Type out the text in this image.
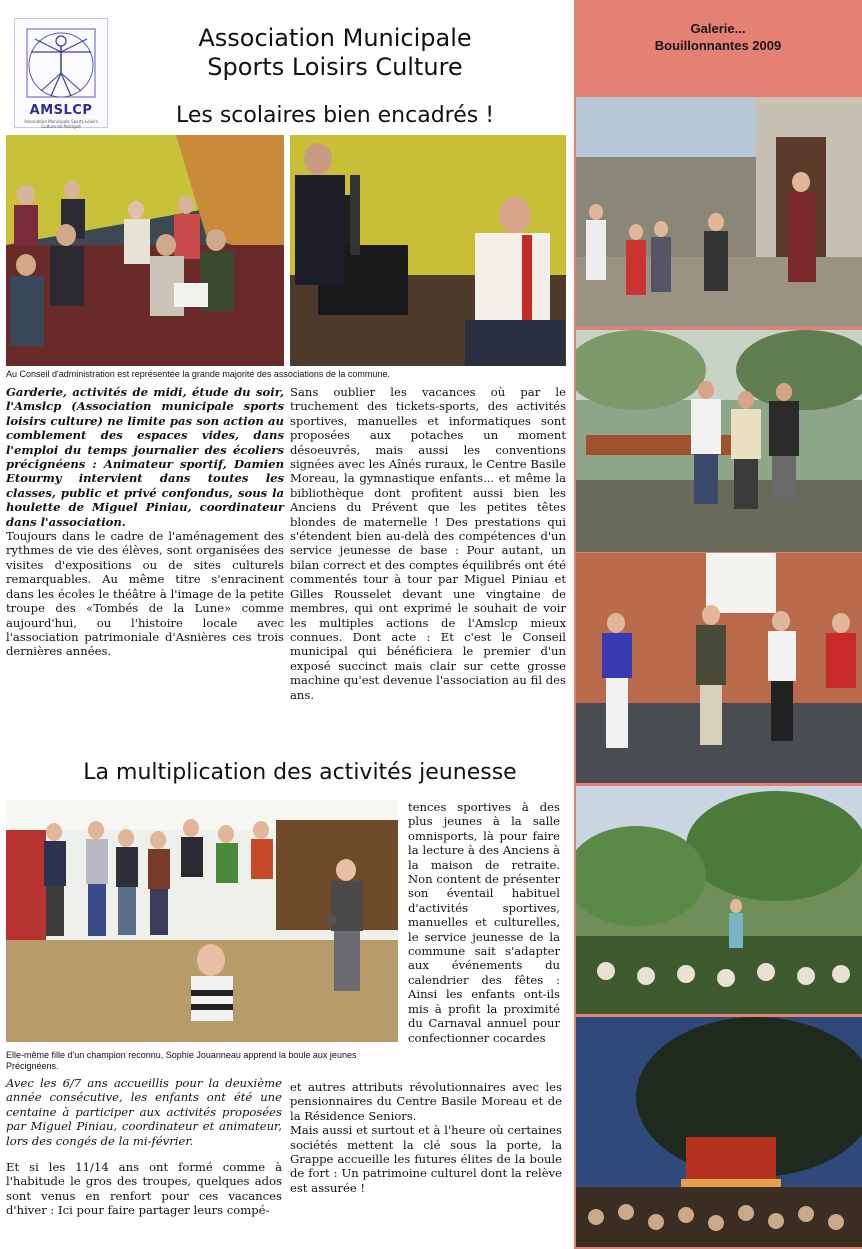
AMSLCP
Association Municipale Sports Loisirs Culture de Précigné
Association Municipale
Sports Loisirs Culture
Les scolaires bien encadrés !
Au Conseil d'administration est représentée la grande majorité des associations de la commune.

Garderie, activités de midi, étude du soir, l'Amslcp (Association municipale sports loisirs culture) ne limite pas son action au comblement des espaces vides, dans l'emploi du temps journalier des écoliers précignéens : Animateur sportif, Damien Etourmy intervient dans toutes les classes, public et privé confondus, sous la houlette de Miguel Piniau, coordinateur dans l'association.

Toujours dans le cadre de l'aménagement des rythmes de vie des élèves, sont organisées des visites d'expositions ou de sites culturels remarquables. Au même titre s'enracinent dans les écoles le théâtre à l'image de la petite troupe des «Tombés de la Lune» comme aujourd'hui, ou l'histoire locale avec l'association patrimoniale d'Asnières ces trois dernières années.

Sans oublier les vacances où par le truchement des tickets-sports, des activités sportives, manuelles et informatiques sont proposées aux potaches un moment désoeuvrés, mais aussi les conventions signées avec les Aînés ruraux, le Centre Basile Moreau, la gymnastique enfants... et même la bibliothèque dont profitent aussi bien les Anciens du Prévent que les petites têtes blondes de maternelle ! Des prestations qui s'étendent bien au-delà des compétences d'un service jeunesse de base : Pour autant, un bilan correct et des comptes équilibrés ont été commentés tour à tour par Miguel Piniau et Gilles Rousselet devant une vingtaine de membres, qui ont exprimé le souhait de voir les multiples actions de l'Amslcp mieux connues. Dont acte : Et c'est le Conseil municipal qui bénéficiera le premier d'un exposé succinct mais clair sur cette grosse machine qu'est devenue l'association au fil des ans.

La multiplication des activités jeunesse
Elle-même fille d'un champion reconnu, Sophie Jouanneau apprend la boule aux jeunes Précignéens.

tences sportives à des plus jeunes à la salle omnisports, là pour faire la lecture à des Anciens à la maison de retraite. Non content de présenter son éventail habituel d'activités sportives, manuelles et culturelles, le service jeunesse de la commune sait s'adapter aux événements du calendrier des fêtes : Ainsi les enfants ont-ils mis à profit la proximité du Carnaval annuel pour confectionner cocardes

Avec les 6/7 ans accueillis pour la deuxième année consécutive, les enfants ont été une centaine à participer aux activités proposées par Miguel Piniau, coordinateur et animateur, lors des congés de la mi-février.

Et si les 11/14 ans ont formé comme à l'habitude le gros des troupes, quelques ados sont venus en renfort pour ces vacances d'hiver : Ici pour faire partager leurs compé-

et autres attributs révolutionnaires avec les pensionnaires du Centre Basile Moreau et de la Résidence Seniors.

Mais aussi et surtout et à l'heure où certaines sociétés mettent la clé sous la porte, la Grappe accueille les futures élites de la boule de fort : Un patrimoine culturel dont la relève est assurée !

Galerie...
Bouillonnantes 2009
